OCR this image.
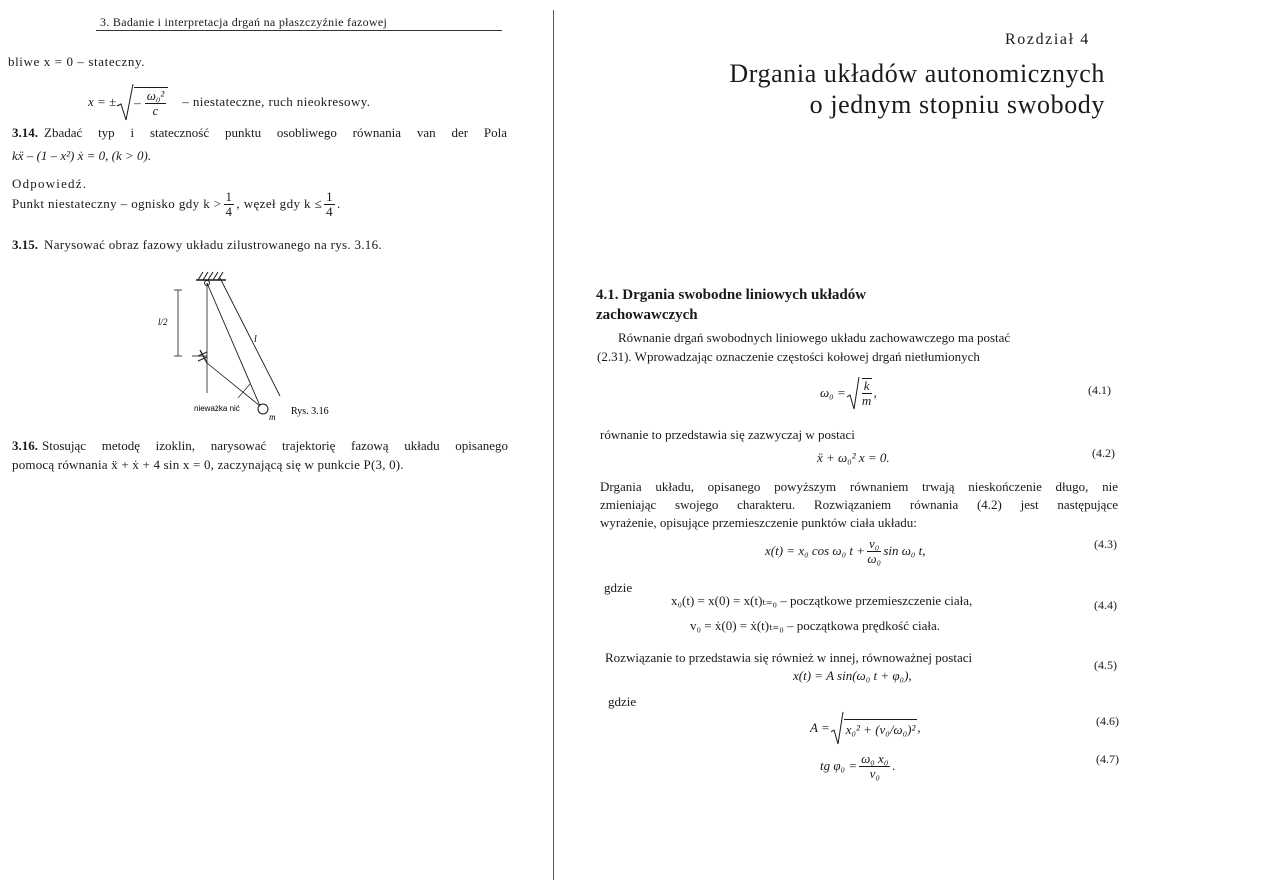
3. Badanie i interpretacja drgań na płaszczyźnie fazowej
bliwe x = 0 – stateczny.
x = ± – $\frac{\text{ω₀²}}{c}$ – niestateczne, ruch nieokresowy.
3.14. Zbadać typ i stateczność punktu osobliwego równania van der Pola
kẍ – (1 – x²) ẋ = 0, (k > 0).
Odpowiedź.
Punkt niestateczny – ognisko gdy $k > \frac{1}{4}$ , węzeł gdy $k \le \frac{1}{4}$ .
3.15. Narysować obraz fazowy układu zilustrowanego na rys. 3.16.
l/2
l
nieważka nić
m Rys. 3.16
3.16. Stosując metodę izoklin, narysować trajektorię fazową układu opisanego
pomocą równania ẍ + ẋ + 4 sin x = 0, zaczynającą się w punkcie P(3, 0).
Rozdział 4
Drgania układów autonomicznych
o jednym stopniu swobody
4.1. Drgania swobodne liniowych układów
zachowawczych
Równanie drgań swobodnych liniowego układu zachowawczego ma postać
(2.31). Wprowadzając oznaczenie częstości kołowej drgań nietłumionych
$\omega_0 = \frac{k}{m}$ ,	(4.1)
równanie to przedstawia się zazwyczaj w postaci
ẍ + ω₀² x = 0.	(4.2)
Drgania układu, opisanego powyższym równaniem trwają nieskończenie długo, nie
zmieniając swojego charakteru. Rozwiązaniem równania (4.2) jest następujące
wyrażenie, opisujące przemieszczenie punktów ciała układu:
x(t) = x₀ cos ω₀ $t + \frac{\text{v₀}}{\text{ω₀}}$ sin ω₀ t,	(4.3)
gdzie
x₀(t) = x(0) = x(t)ₜ₌₀ – początkowe przemieszczenie ciała,
v₀ = ẋ(0) = ẋ(t)ₜ₌₀ – początkowa prędkość ciała.
(4.4)
Rozwiązanie to przedstawia się również w innej, równoważnej postaci
x(t) = A sin(ω₀ t + φ₀),
(4.5)
gdzie
A = x₀² + (v₀/ω₀)² ,	(4.6)
tg $\varphi_0 = \frac{\text{ω₀ x₀}}{\text{v₀}}$ .	(4.7)
